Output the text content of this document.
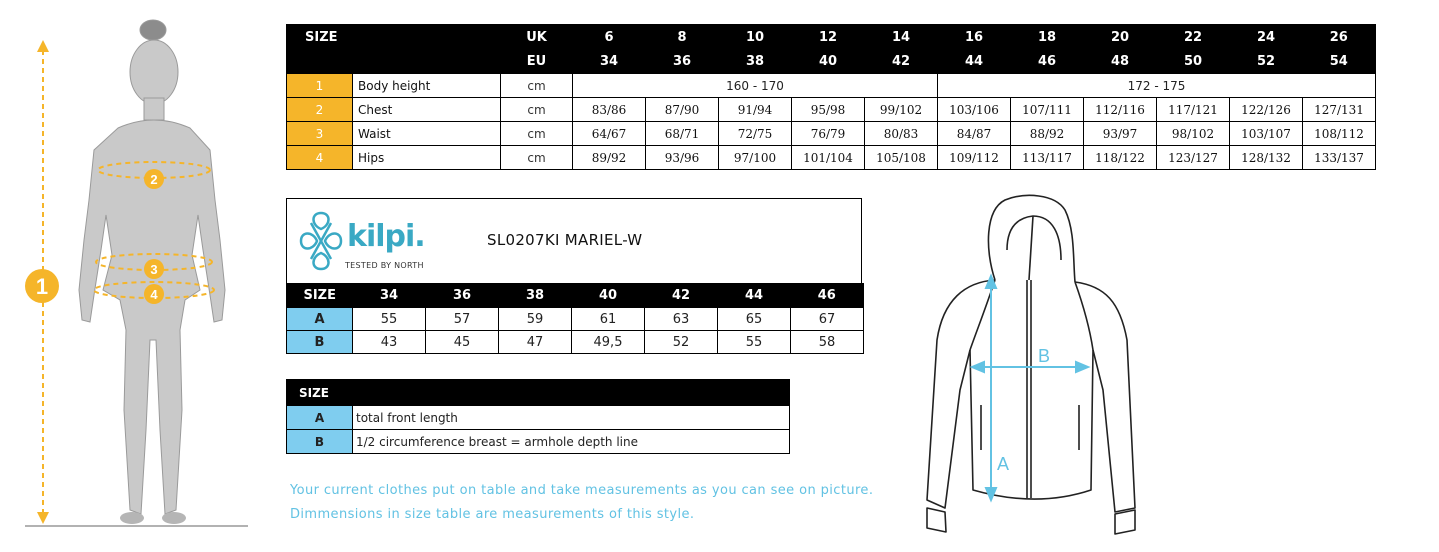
1
2
3
4
SIZE		UK	6	8	10	12	14	16	18	20	22	24	26
		EU	34	36	38	40	42	44	46	48	50	52	54
1	Body height	cm	160 - 170					172 - 175					
2	Chest	cm	83/86	87/90	91/94	95/98	99/102	103/106	107/111	112/116	117/121	122/126	127/131
3	Waist	cm	64/67	68/71	72/75	76/79	80/83	84/87	88/92	93/97	98/102	103/107	108/112
4	Hips	cm	89/92	93/96	97/100	101/104	105/108	109/112	113/117	118/122	123/127	128/132	133/137
kilpi.
TESTED BY NORTH
SL0207KI MARIEL-W
SIZE	34	36	38	40	42	44	46
A	55	57	59	61	63	65	67
B	43	45	47	49,5	52	55	58
SIZE	
A	total front length
B	1/2 circumference breast = armhole depth line
Your current clothes put on table and take measurements as you can see on picture.
Dimmensions in size table are measurements of this style.
A
B
